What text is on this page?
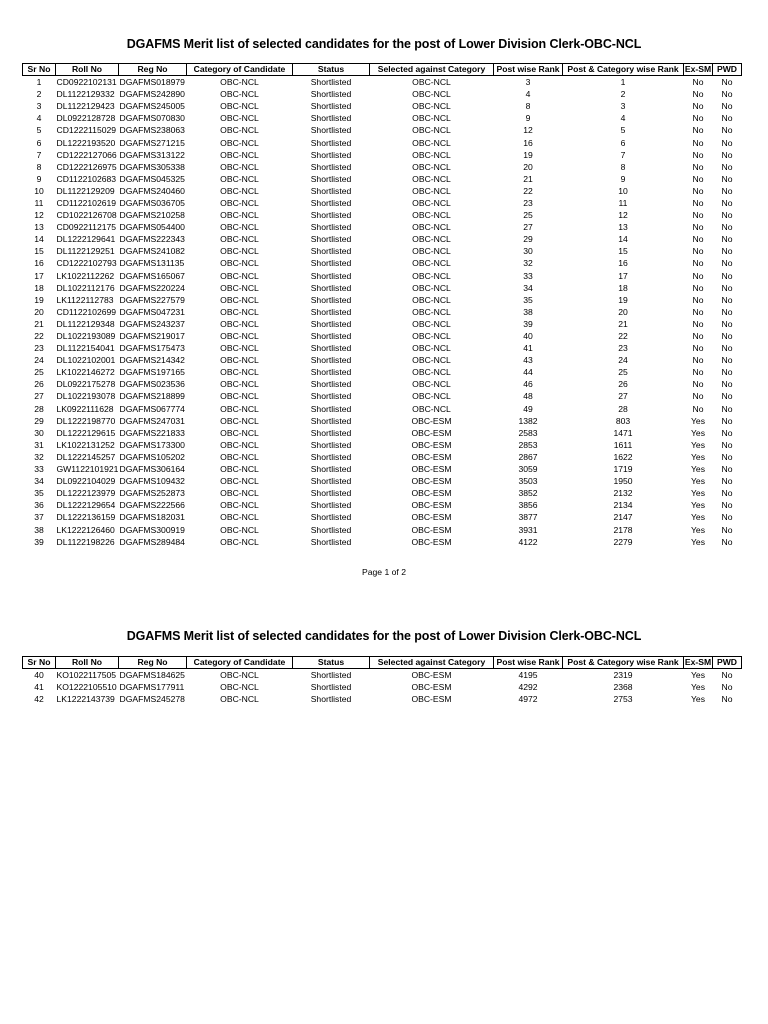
DGAFMS Merit list of selected candidates for the post of Lower Division Clerk-OBC-NCL
Sr No	Roll No	Reg No	Category of Candidate	Status	Selected against Category	Post wise Rank	Post & Category wise Rank	Ex-SM	PWD
1	CD0922102131	DGAFMS018979	OBC-NCL	Shortlisted	OBC-NCL	3	1	No	No
2	DL1122129332	DGAFMS242890	OBC-NCL	Shortlisted	OBC-NCL	4	2	No	No
3	DL1122129423	DGAFMS245005	OBC-NCL	Shortlisted	OBC-NCL	8	3	No	No
4	DL0922128728	DGAFMS070830	OBC-NCL	Shortlisted	OBC-NCL	9	4	No	No
5	CD1222115029	DGAFMS238063	OBC-NCL	Shortlisted	OBC-NCL	12	5	No	No
6	DL1222193520	DGAFMS271215	OBC-NCL	Shortlisted	OBC-NCL	16	6	No	No
7	CD1222127066	DGAFMS313122	OBC-NCL	Shortlisted	OBC-NCL	19	7	No	No
8	CD1222126975	DGAFMS305338	OBC-NCL	Shortlisted	OBC-NCL	20	8	No	No
9	CD1122102683	DGAFMS045325	OBC-NCL	Shortlisted	OBC-NCL	21	9	No	No
10	DL1122129209	DGAFMS240460	OBC-NCL	Shortlisted	OBC-NCL	22	10	No	No
11	CD1122102619	DGAFMS036705	OBC-NCL	Shortlisted	OBC-NCL	23	11	No	No
12	CD1022126708	DGAFMS210258	OBC-NCL	Shortlisted	OBC-NCL	25	12	No	No
13	CD0922112175	DGAFMS054400	OBC-NCL	Shortlisted	OBC-NCL	27	13	No	No
14	DL1222129641	DGAFMS222343	OBC-NCL	Shortlisted	OBC-NCL	29	14	No	No
15	DL1122129251	DGAFMS241082	OBC-NCL	Shortlisted	OBC-NCL	30	15	No	No
16	CD1222102793	DGAFMS131135	OBC-NCL	Shortlisted	OBC-NCL	32	16	No	No
17	LK1022112262	DGAFMS165067	OBC-NCL	Shortlisted	OBC-NCL	33	17	No	No
18	DL1022112176	DGAFMS220224	OBC-NCL	Shortlisted	OBC-NCL	34	18	No	No
19	LK1122112783	DGAFMS227579	OBC-NCL	Shortlisted	OBC-NCL	35	19	No	No
20	CD1122102699	DGAFMS047231	OBC-NCL	Shortlisted	OBC-NCL	38	20	No	No
21	DL1122129348	DGAFMS243237	OBC-NCL	Shortlisted	OBC-NCL	39	21	No	No
22	DL1022193089	DGAFMS219017	OBC-NCL	Shortlisted	OBC-NCL	40	22	No	No
23	DL1122154041	DGAFMS175473	OBC-NCL	Shortlisted	OBC-NCL	41	23	No	No
24	DL1022102001	DGAFMS214342	OBC-NCL	Shortlisted	OBC-NCL	43	24	No	No
25	LK1022146272	DGAFMS197165	OBC-NCL	Shortlisted	OBC-NCL	44	25	No	No
26	DL0922175278	DGAFMS023536	OBC-NCL	Shortlisted	OBC-NCL	46	26	No	No
27	DL1022193078	DGAFMS218899	OBC-NCL	Shortlisted	OBC-NCL	48	27	No	No
28	LK0922111628	DGAFMS067774	OBC-NCL	Shortlisted	OBC-NCL	49	28	No	No
29	DL1222198770	DGAFMS247031	OBC-NCL	Shortlisted	OBC-ESM	1382	803	Yes	No
30	DL1222129615	DGAFMS221833	OBC-NCL	Shortlisted	OBC-ESM	2583	1471	Yes	No
31	LK1022131252	DGAFMS173300	OBC-NCL	Shortlisted	OBC-ESM	2853	1611	Yes	No
32	DL1222145257	DGAFMS105202	OBC-NCL	Shortlisted	OBC-ESM	2867	1622	Yes	No
33	GW1122101921	DGAFMS306164	OBC-NCL	Shortlisted	OBC-ESM	3059	1719	Yes	No
34	DL0922104029	DGAFMS109432	OBC-NCL	Shortlisted	OBC-ESM	3503	1950	Yes	No
35	DL1222123979	DGAFMS252873	OBC-NCL	Shortlisted	OBC-ESM	3852	2132	Yes	No
36	DL1222129654	DGAFMS222566	OBC-NCL	Shortlisted	OBC-ESM	3856	2134	Yes	No
37	DL1222136159	DGAFMS182031	OBC-NCL	Shortlisted	OBC-ESM	3877	2147	Yes	No
38	LK1222126460	DGAFMS300919	OBC-NCL	Shortlisted	OBC-ESM	3931	2178	Yes	No
39	DL1122198226	DGAFMS289484	OBC-NCL	Shortlisted	OBC-ESM	4122	2279	Yes	No
Page 1 of 2
DGAFMS Merit list of selected candidates for the post of Lower Division Clerk-OBC-NCL
Sr No	Roll No	Reg No	Category of Candidate	Status	Selected against Category	Post wise Rank	Post & Category wise Rank	Ex-SM	PWD
40	KO1022117505	DGAFMS184625	OBC-NCL	Shortlisted	OBC-ESM	4195	2319	Yes	No
41	KO1222105510	DGAFMS177911	OBC-NCL	Shortlisted	OBC-ESM	4292	2368	Yes	No
42	LK1222143739	DGAFMS245278	OBC-NCL	Shortlisted	OBC-ESM	4972	2753	Yes	No
